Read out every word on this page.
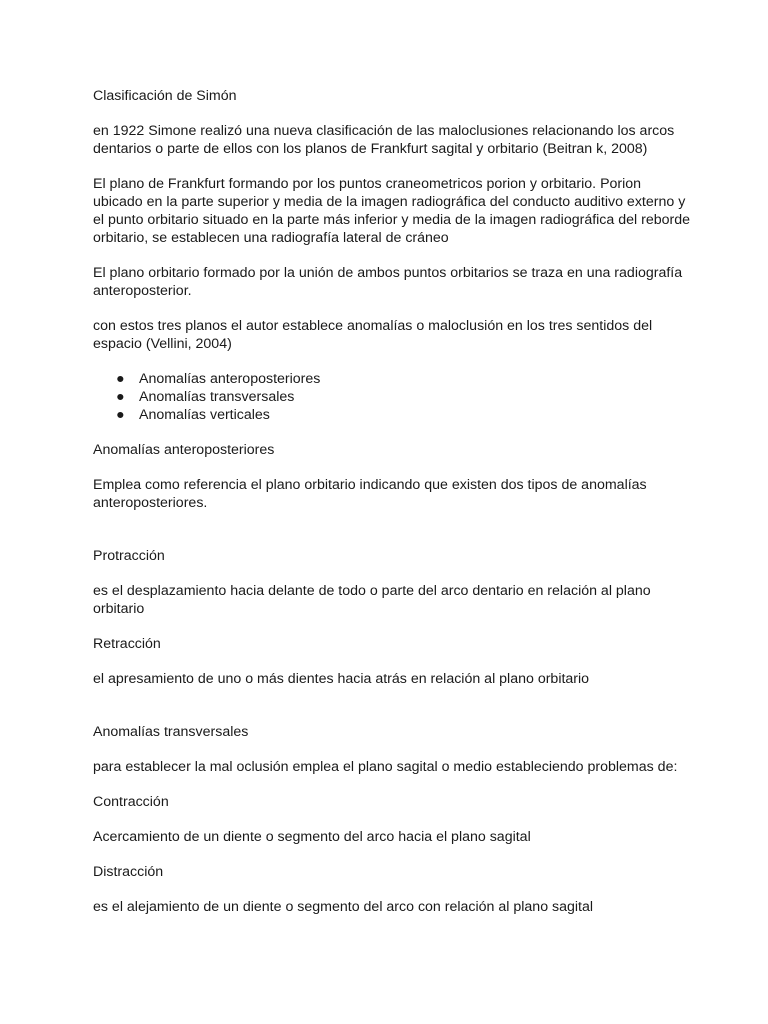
Clasificación de Simón

en 1922 Simone realizó una nueva clasificación de las maloclusiones relacionando los arcos dentarios o parte de ellos con los planos de Frankfurt sagital y orbitario (Beitran k, 2008)

El plano de Frankfurt formando por los puntos craneometricos porion y orbitario. Porion ubicado en la parte superior y media de la imagen radiográfica del conducto auditivo externo y el punto orbitario situado en la parte más inferior y media de la imagen radiográfica del reborde orbitario, se establecen una radiografía lateral de cráneo

El plano orbitario formado por la unión de ambos puntos orbitarios se traza en una radiografía anteroposterior.

con estos tres planos el autor establece anomalías o maloclusión en los tres sentidos del espacio (Vellini, 2004)

● Anomalías anteroposteriores
● Anomalías transversales
● Anomalías verticales

Anomalías anteroposteriores

Emplea como referencia el plano orbitario indicando que existen dos tipos de anomalías anteroposteriores.

Protracción

es el desplazamiento hacia delante de todo o parte del arco dentario en relación al plano orbitario

Retracción

el apresamiento de uno o más dientes hacia atrás en relación al plano orbitario

Anomalías transversales

para establecer la mal oclusión emplea el plano sagital o medio estableciendo problemas de:

Contracción

Acercamiento de un diente o segmento del arco hacia el plano sagital

Distracción

es el alejamiento de un diente o segmento del arco con relación al plano sagital
